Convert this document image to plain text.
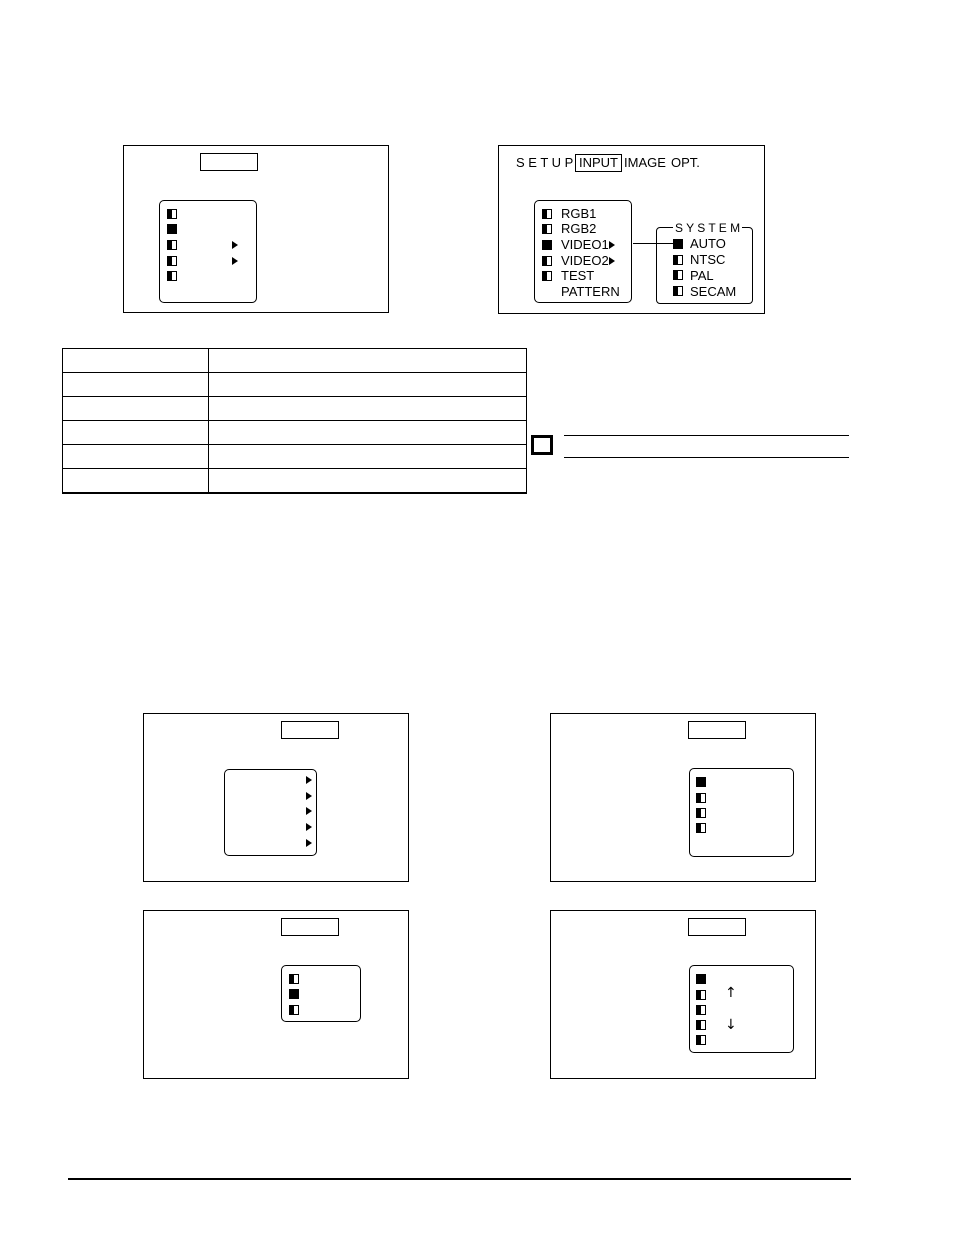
S E T U P INPUT IMAGE OPT.
RGB1
RGB2
VIDEO1
VIDEO2
TEST
PATTERN
S Y S T E M
AUTO
NTSC
PAL
SECAM

↑
↓
